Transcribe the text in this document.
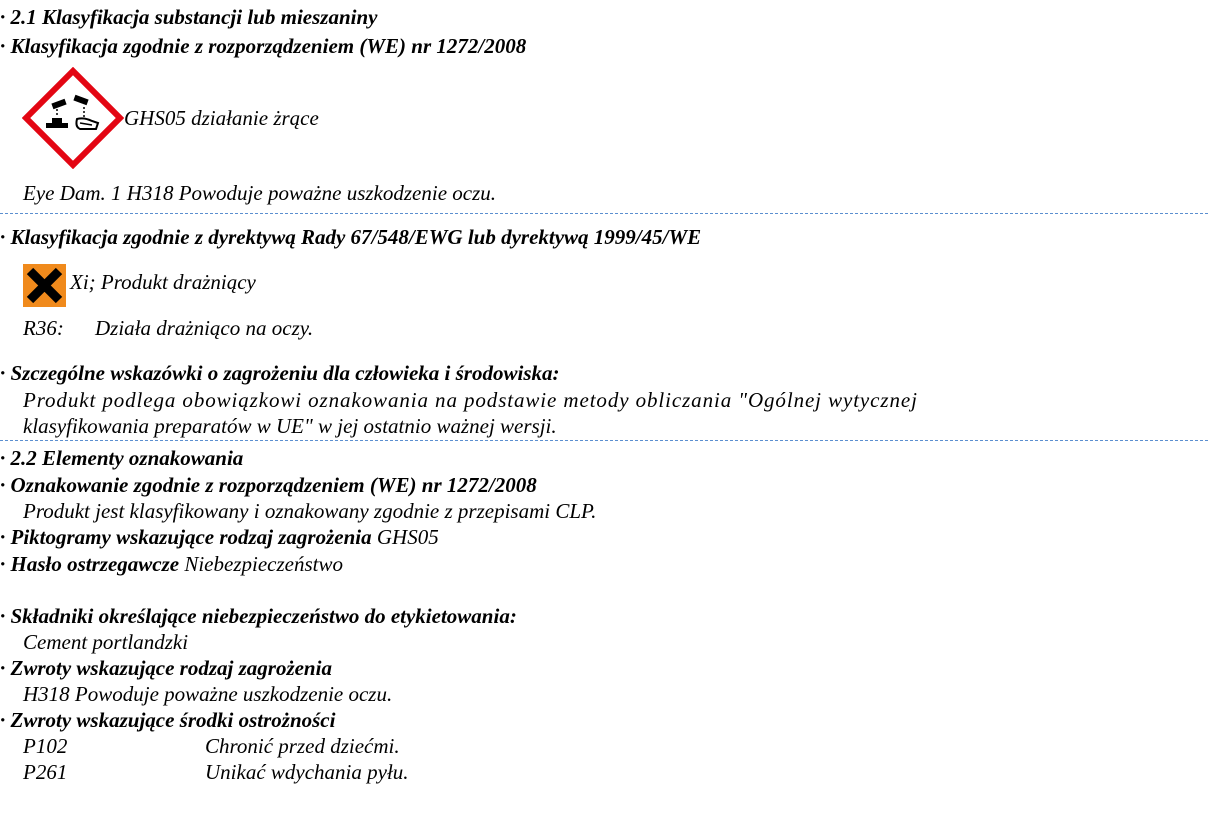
· 2.1 Klasyfikacja substancji lub mieszaniny
· Klasyfikacja zgodnie z rozporządzeniem (WE) nr 1272/2008
GHS05 działanie żrące
Eye Dam. 1 H318 Powoduje poważne uszkodzenie oczu.
· Klasyfikacja zgodnie z dyrektywą Rady 67/548/EWG lub dyrektywą 1999/45/WE
Xi; Produkt drażniący
R36: Działa drażniąco na oczy.
· Szczególne wskazówki o zagrożeniu dla człowieka i środowiska:
Produkt podlega obowiązkowi oznakowania na podstawie metody obliczania "Ogólnej wytycznej
klasyfikowania preparatów w UE" w jej ostatnio ważnej wersji.
· 2.2 Elementy oznakowania
· Oznakowanie zgodnie z rozporządzeniem (WE) nr 1272/2008
Produkt jest klasyfikowany i oznakowany zgodnie z przepisami CLP.
· Piktogramy wskazujące rodzaj zagrożenia GHS05
· Hasło ostrzegawcze Niebezpieczeństwo
· Składniki określające niebezpieczeństwo do etykietowania:
Cement portlandzki
· Zwroty wskazujące rodzaj zagrożenia
H318 Powoduje poważne uszkodzenie oczu.
· Zwroty wskazujące środki ostrożności
P102	Chronić przed dziećmi.
P261	Unikać wdychania pyłu.
